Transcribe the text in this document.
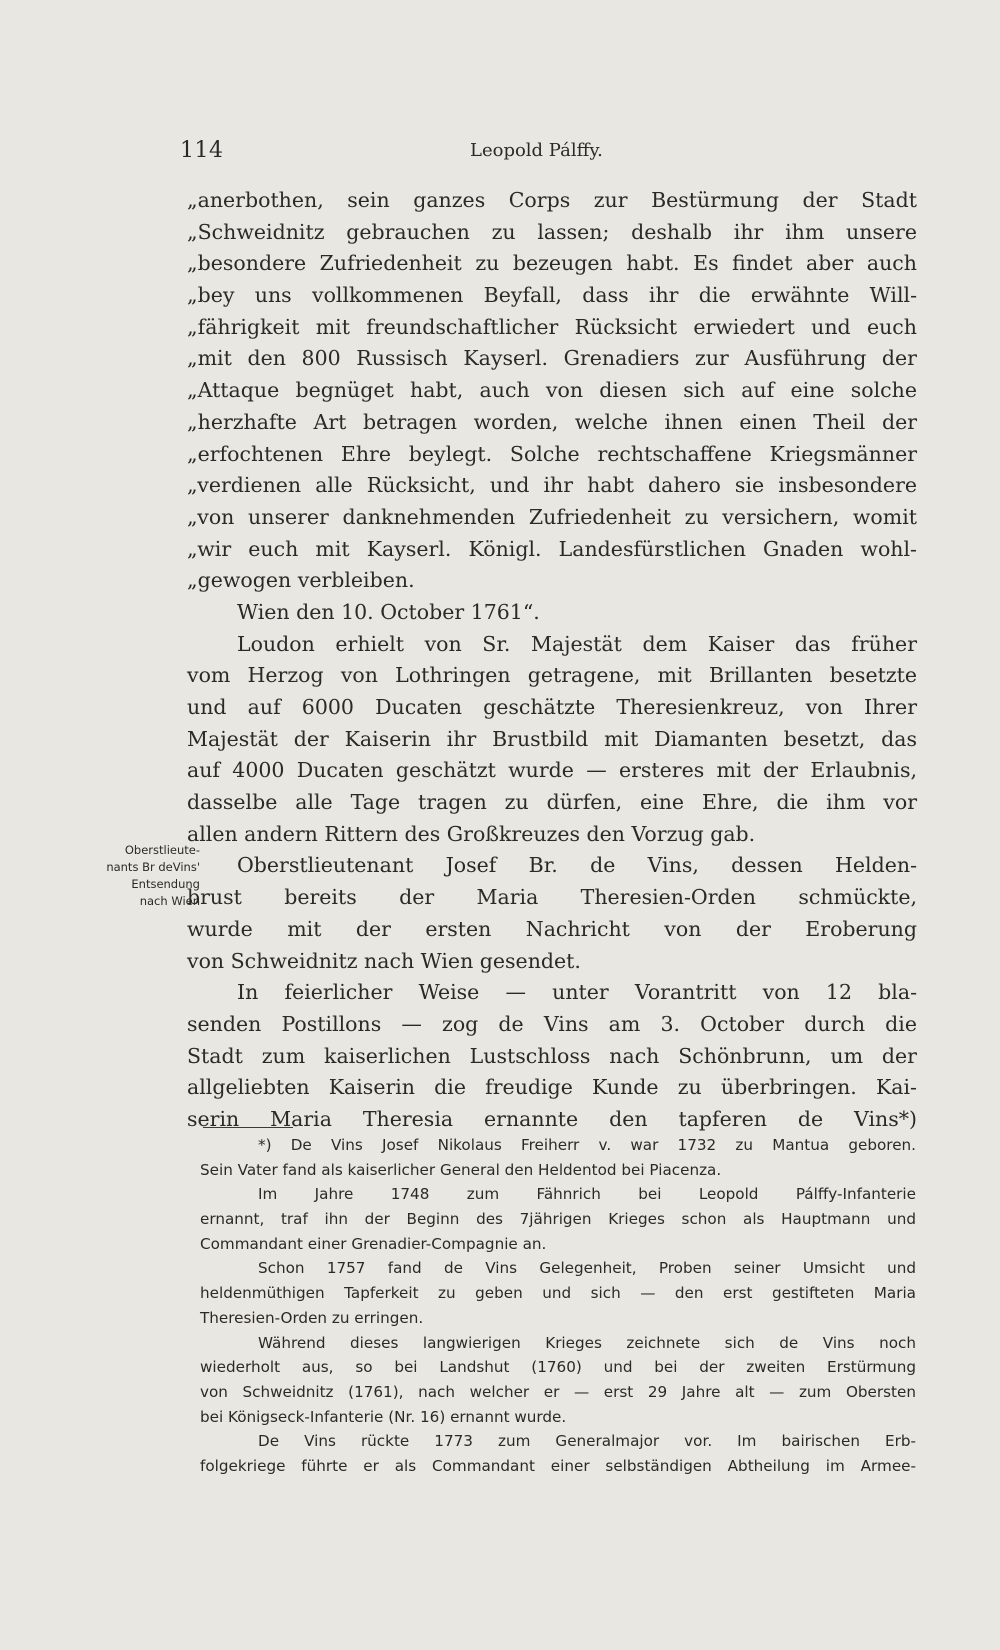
114	Leopold Pálffy.
„anerbothen, sein ganzes Corps zur Bestürmung der Stadt
„Schweidnitz gebrauchen zu lassen; deshalb ihr ihm unsere
„besondere Zufriedenheit zu bezeugen habt. Es findet aber auch
„bey uns vollkommenen Beyfall, dass ihr die erwähnte Will-
„fährigkeit mit freundschaftlicher Rücksicht erwiedert und euch
„mit den 800 Russisch Kayserl. Grenadiers zur Ausführung der
„Attaque begnüget habt, auch von diesen sich auf eine solche
„herzhafte Art betragen worden, welche ihnen einen Theil der
„erfochtenen Ehre beylegt. Solche rechtschaffene Kriegsmänner
„verdienen alle Rücksicht, und ihr habt dahero sie insbesondere
„von unserer danknehmenden Zufriedenheit zu versichern, womit
„wir euch mit Kayserl. Königl. Landesfürstlichen Gnaden wohl-
„gewogen verbleiben.
Wien den 10. October 1761“.
Loudon erhielt von Sr. Majestät dem Kaiser das früher
vom Herzog von Lothringen getragene, mit Brillanten besetzte
und auf 6000 Ducaten geschätzte Theresienkreuz, von Ihrer
Majestät der Kaiserin ihr Brustbild mit Diamanten besetzt, das
auf 4000 Ducaten geschätzt wurde — ersteres mit der Erlaubnis,
dasselbe alle Tage tragen zu dürfen, eine Ehre, die ihm vor
allen andern Rittern des Großkreuzes den Vorzug gab.
Oberstlieutenant Josef Br. de Vins, dessen Helden-
brust bereits der Maria Theresien-Orden schmückte,
wurde mit der ersten Nachricht von der Eroberung
von Schweidnitz nach Wien gesendet.
In feierlicher Weise — unter Vorantritt von 12 bla-
senden Postillons — zog de Vins am 3. October durch die
Stadt zum kaiserlichen Lustschloss nach Schönbrunn, um der
allgeliebten Kaiserin die freudige Kunde zu überbringen. Kai-
serin Maria Theresia ernannte den tapferen de Vins*)
Oberstlieute-
nants Br deVins'
Entsendung
nach Wien
*) De Vins Josef Nikolaus Freiherr v. war 1732 zu Mantua geboren.
Sein Vater fand als kaiserlicher General den Heldentod bei Piacenza.
Im Jahre 1748 zum Fähnrich bei Leopold Pálffy-Infanterie
ernannt, traf ihn der Beginn des 7jährigen Krieges schon als Hauptmann und
Commandant einer Grenadier-Compagnie an.
Schon 1757 fand de Vins Gelegenheit, Proben seiner Umsicht und
heldenmüthigen Tapferkeit zu geben und sich — den erst gestifteten Maria
Theresien-Orden zu erringen.
Während dieses langwierigen Krieges zeichnete sich de Vins noch
wiederholt aus, so bei Landshut (1760) und bei der zweiten Erstürmung
von Schweidnitz (1761), nach welcher er — erst 29 Jahre alt — zum Obersten
bei Königseck-Infanterie (Nr. 16) ernannt wurde.
De Vins rückte 1773 zum Generalmajor vor. Im bairischen Erb-
folgekriege führte er als Commandant einer selbständigen Abtheilung im Armee-
